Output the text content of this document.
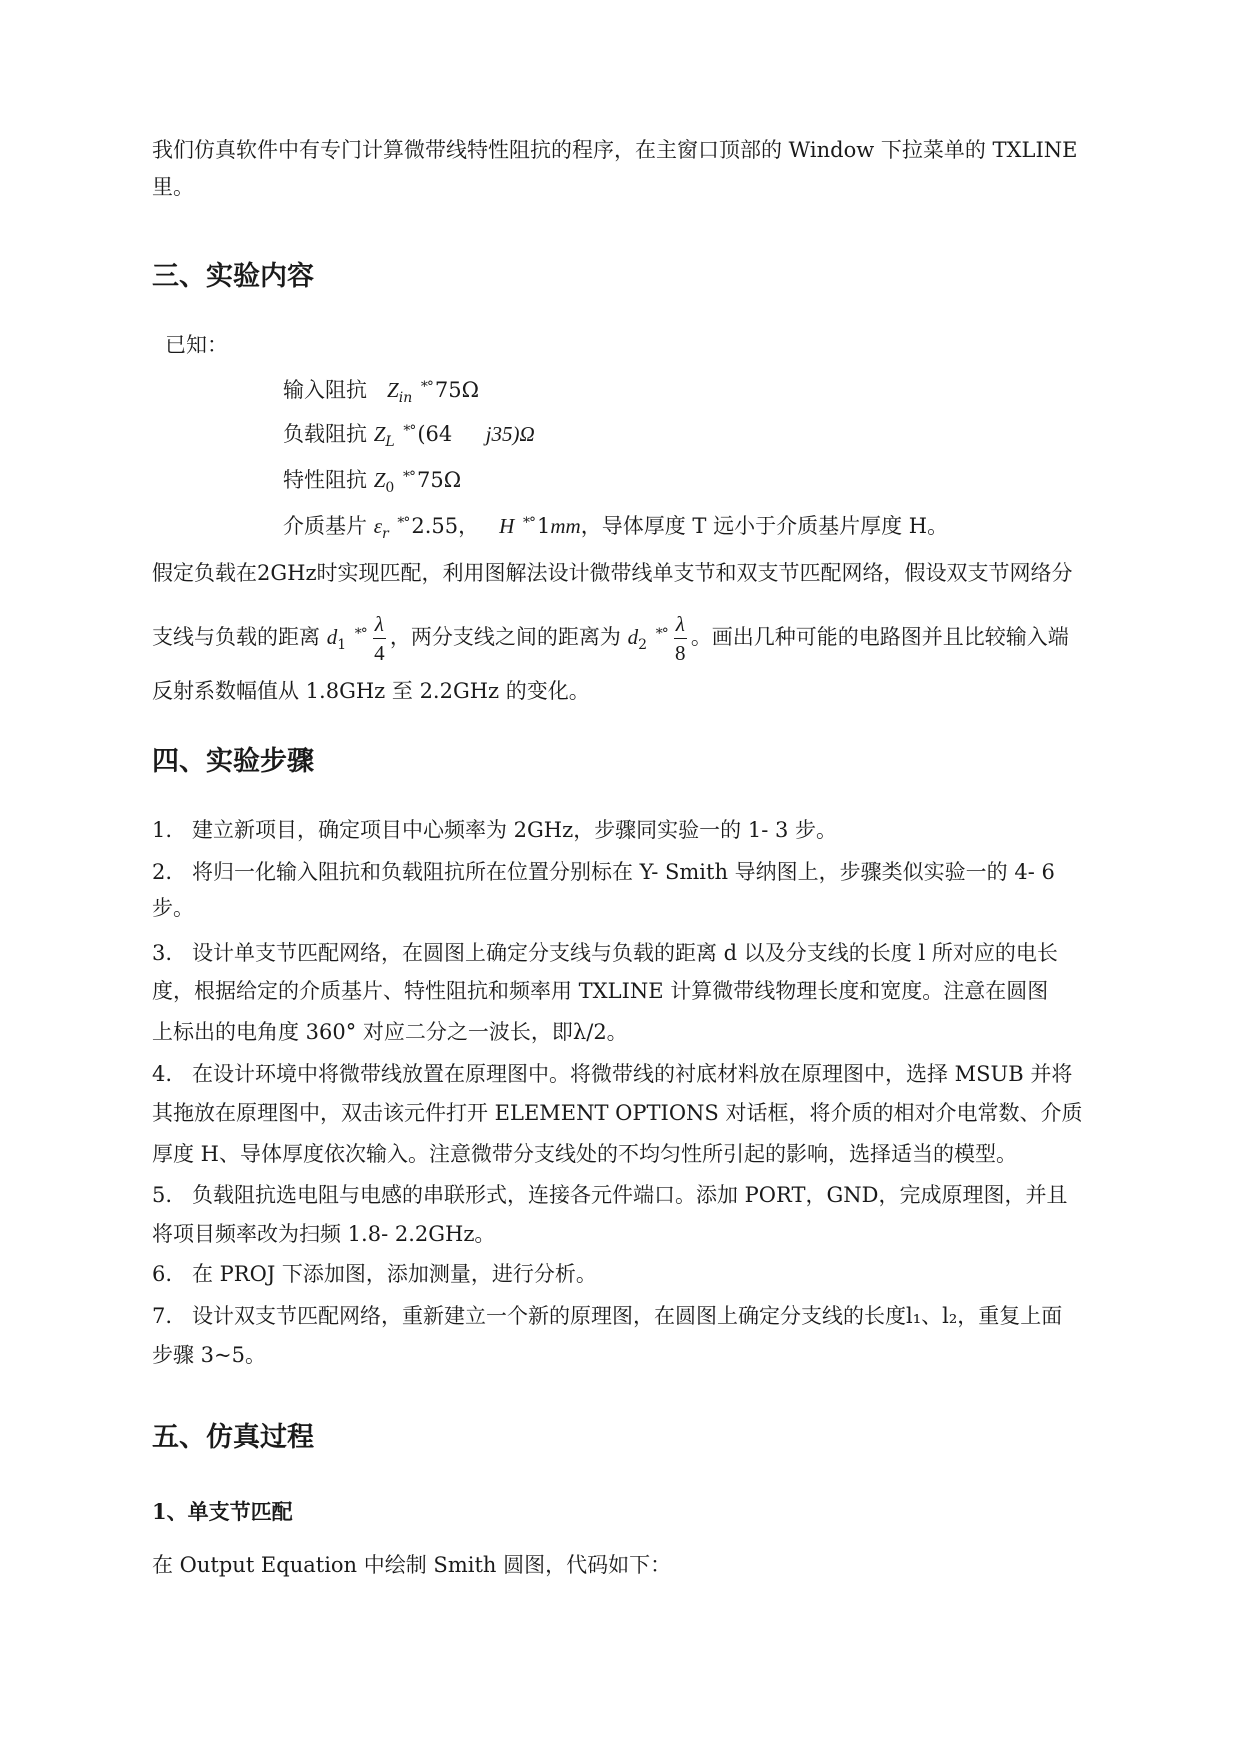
我们仿真软件中有专门计算微带线特性阻抗的程序，在主窗口顶部的 Window 下拉菜单的 TXLINE
里。
三、实验内容
已知：
输入阻抗 $Z_{in}$ *°75Ω
负载阻抗 $Z_L$ *°(64 j35)Ω
特性阻抗 $Z_0$ *°75Ω
介质基片 $\varepsilon_r$ *°2.55， H *°1mm，导体厚度 T 远小于介质基片厚度 H。
假定负载在2GHz时实现匹配，利用图解法设计微带线单支节和双支节匹配网络，假设双支节网络分
支线与负载的距离 $d_1$ $^{*^\circ} \frac{\lambda}{4}$ ，两分支线之间的距离为 $d_2$ $^{*^\circ} \frac{\lambda}{8}$ 。画出几种可能的电路图并且比较输入端
反射系数幅值从 1.8GHz 至 2.2GHz 的变化。
四、实验步骤
1. 建立新项目，确定项目中心频率为 2GHz，步骤同实验一的 1- 3 步。
2. 将归一化输入阻抗和负载阻抗所在位置分别标在 Y- Smith 导纳图上，步骤类似实验一的 4- 6
步。
3. 设计单支节匹配网络，在圆图上确定分支线与负载的距离 d 以及分支线的长度 l 所对应的电长
度，根据给定的介质基片、特性阻抗和频率用 TXLINE 计算微带线物理长度和宽度。注意在圆图
上标出的电角度 360° 对应二分之一波长，即λ/2。
4. 在设计环境中将微带线放置在原理图中。将微带线的衬底材料放在原理图中，选择 MSUB 并将
其拖放在原理图中，双击该元件打开 ELEMENT OPTIONS 对话框，将介质的相对介电常数、介质
厚度 H、导体厚度依次输入。注意微带分支线处的不均匀性所引起的影响，选择适当的模型。
5. 负载阻抗选电阻与电感的串联形式，连接各元件端口。添加 PORT，GND，完成原理图，并且
将项目频率改为扫频 1.8- 2.2GHz。
6. 在 PROJ 下添加图，添加测量，进行分析。
7. 设计双支节匹配网络，重新建立一个新的原理图，在圆图上确定分支线的长度l₁、l₂，重复上面
步骤 3~5。
五、仿真过程
1、单支节匹配
在 Output Equation 中绘制 Smith 圆图，代码如下：
